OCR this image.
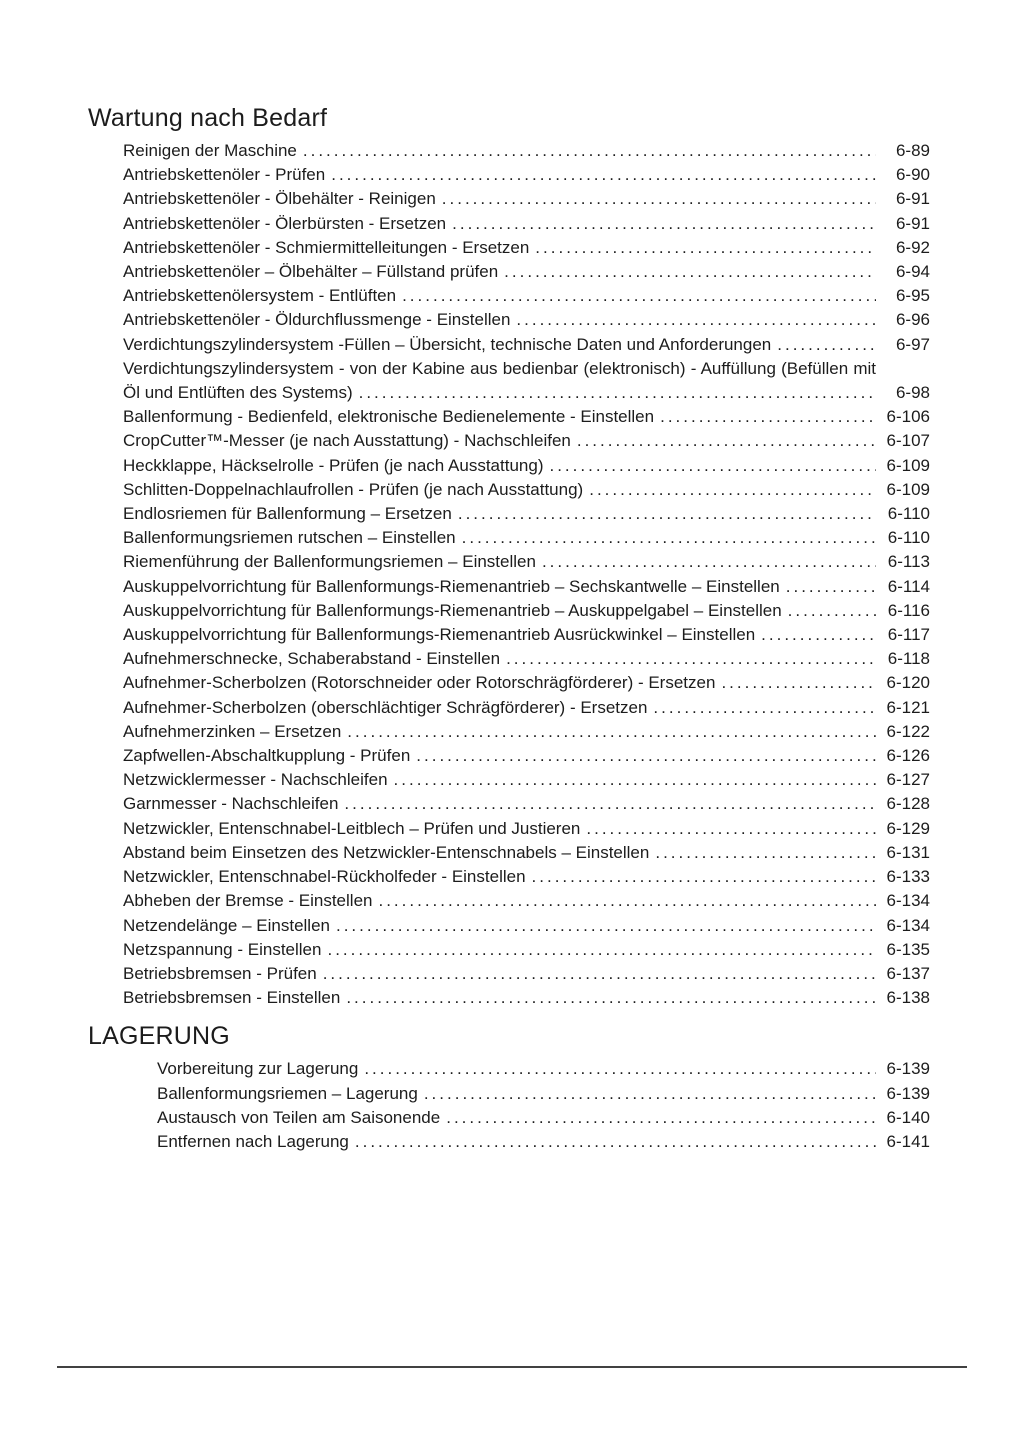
Wartung nach Bedarf
Reinigen der Maschine .....	6-89
Antriebskettenöler - Prüfen .....	6-90
Antriebskettenöler - Ölbehälter - Reinigen .....	6-91
Antriebskettenöler - Ölerbürsten - Ersetzen .....	6-91
Antriebskettenöler - Schmiermittelleitungen - Ersetzen .....	6-92
Antriebskettenöler – Ölbehälter – Füllstand prüfen .....	6-94
Antriebskettenölersystem - Entlüften .....	6-95
Antriebskettenöler - Öldurchflussmenge - Einstellen .....	6-96
Verdichtungszylindersystem -Füllen – Übersicht, technische Daten und Anforderungen .....	6-97
Verdichtungszylindersystem - von der Kabine aus bedienbar (elektronisch) - Auffüllung (Befüllen mit Öl und Entlüften des Systems) .....	6-98
Ballenformung - Bedienfeld, elektronische Bedienelemente - Einstellen .....	6-106
CropCutter™-Messer (je nach Ausstattung) - Nachschleifen .....	6-107
Heckklappe, Häckselrolle - Prüfen (je nach Ausstattung) .....	6-109
Schlitten-Doppelnachlaufrollen - Prüfen (je nach Ausstattung) .....	6-109
Endlosriemen für Ballenformung – Ersetzen .....	6-110
Ballenformungsriemen rutschen – Einstellen .....	6-110
Riemenführung der Ballenformungsriemen – Einstellen .....	6-113
Auskuppelvorrichtung für Ballenformungs-Riemenantrieb – Sechskantwelle – Einstellen .....	6-114
Auskuppelvorrichtung für Ballenformungs-Riemenantrieb – Auskuppelgabel – Einstellen .....	6-116
Auskuppelvorrichtung für Ballenformungs-Riemenantrieb Ausrückwinkel – Einstellen .....	6-117
Aufnehmerschnecke, Schaberabstand - Einstellen .....	6-118
Aufnehmer-Scherbolzen (Rotorschneider oder Rotorschrägförderer) - Ersetzen .....	6-120
Aufnehmer-Scherbolzen (oberschlächtiger Schrägförderer) - Ersetzen .....	6-121
Aufnehmerzinken – Ersetzen .....	6-122
Zapfwellen-Abschaltkupplung - Prüfen .....	6-126
Netzwicklermesser - Nachschleifen .....	6-127
Garnmesser - Nachschleifen .....	6-128
Netzwickler, Entenschnabel-Leitblech – Prüfen und Justieren .....	6-129
Abstand beim Einsetzen des Netzwickler-Entenschnabels – Einstellen .....	6-131
Netzwickler, Entenschnabel-Rückholfeder - Einstellen .....	6-133
Abheben der Bremse - Einstellen .....	6-134
Netzendelänge – Einstellen .....	6-134
Netzspannung - Einstellen .....	6-135
Betriebsbremsen - Prüfen .....	6-137
Betriebsbremsen - Einstellen .....	6-138
LAGERUNG
Vorbereitung zur Lagerung .....	6-139
Ballenformungsriemen – Lagerung .....	6-139
Austausch von Teilen am Saisonende .....	6-140
Entfernen nach Lagerung .....	6-141
